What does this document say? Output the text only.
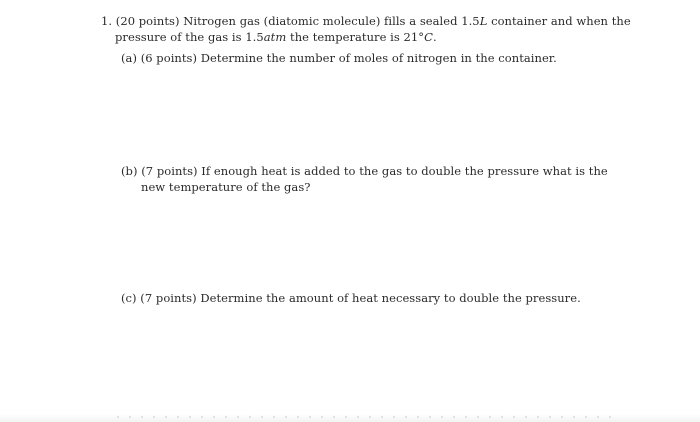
1. (20 points) Nitrogen gas (diatomic molecule) fills a sealed 1.5L container and when the
pressure of the gas is 1.5atm the temperature is 21°C.
(a) (6 points) Determine the number of moles of nitrogen in the container.
(b) (7 points) If enough heat is added to the gas to double the pressure what is the
new temperature of the gas?
(c) (7 points) Determine the amount of heat necessary to double the pressure.
